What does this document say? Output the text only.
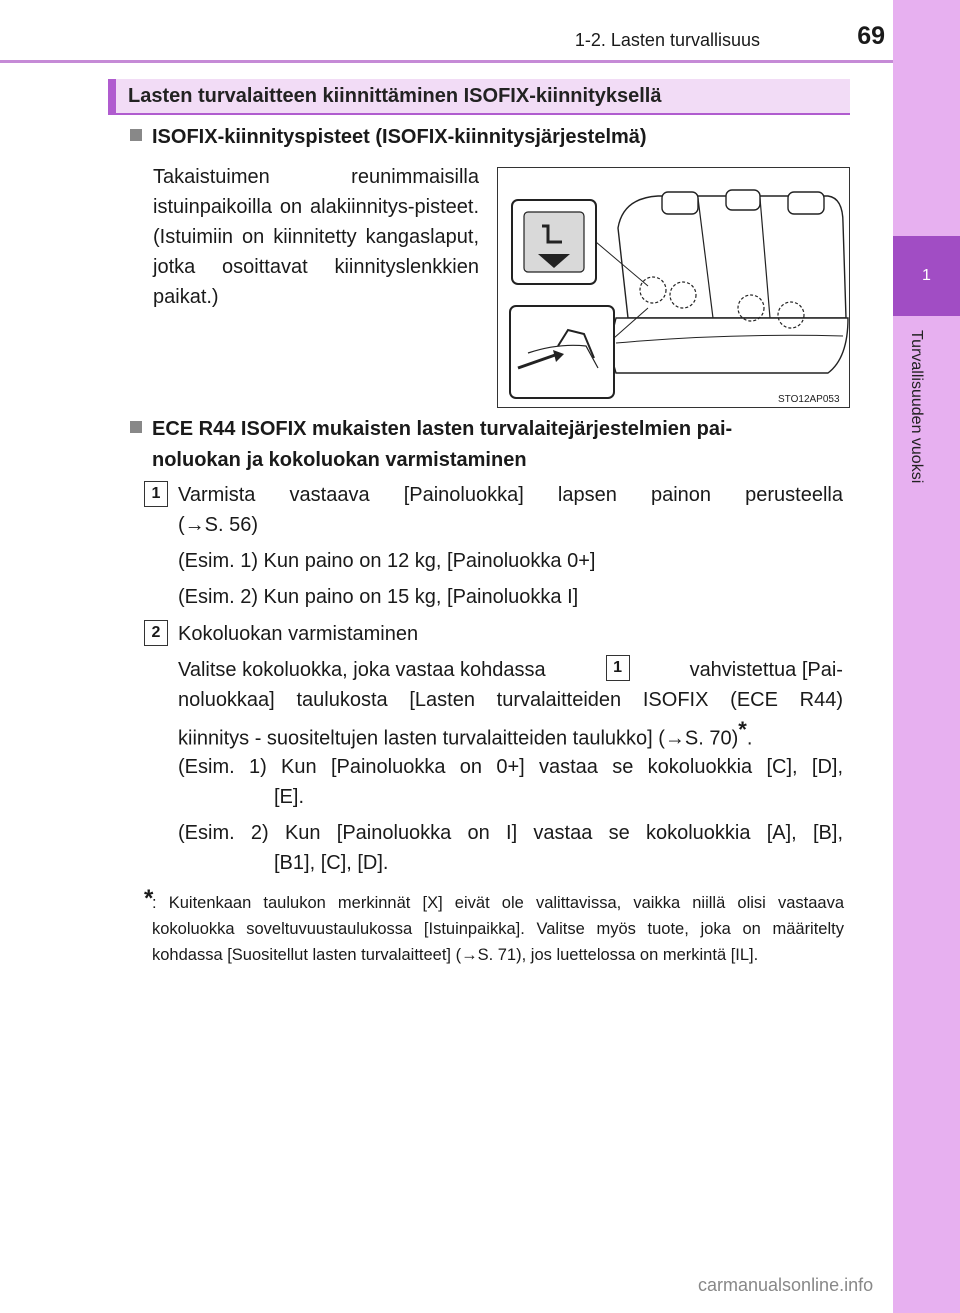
1-2. Lasten turvallisuus	69
1
Turvallisuuden vuoksi
Lasten turvalaitteen kiinnittäminen ISOFIX-kiinnityksellä
ISOFIX-kiinnityspisteet (ISOFIX-kiinnitysjärjestelmä)
Takaistuimen reunimmaisilla istuinpaikoilla on alakiinnitys-pisteet. (Istuimiin on kiinnitetty kangaslaput, jotka osoittavat kiinnityslenkkien paikat.)
STO12AP053
ECE R44 ISOFIX mukaisten lasten turvalaitejärjestelmien pai-
noluokan ja kokoluokan varmistaminen
1 Varmista vastaava [Painoluokka] lapsen painon perusteella
(→S. 56)
(Esim. 1) Kun paino on 12 kg, [Painoluokka 0+]
(Esim. 2) Kun paino on 15 kg, [Painoluokka I]
2 Kokoluokan varmistaminen
Valitse kokoluokka, joka vastaa kohdassa	1	vahvistettua [Pai-
noluokkaa] taulukosta [Lasten turvalaitteiden ISOFIX (ECE R44)
kiinnitys - suositeltujen lasten turvalaitteiden taulukko] (→S. 70)*.
(Esim. 1) Kun [Painoluokka on 0+] vastaa se kokoluokkia [C], [D],
[E].
(Esim. 2) Kun [Painoluokka on I] vastaa se kokoluokkia [A], [B],
[B1], [C], [D].
*
: Kuitenkaan taulukon merkinnät [X] eivät ole valittavissa, vaikka niillä olisi vastaava kokoluokka soveltuvuustaulukossa [Istuinpaikka]. Valitse myös tuote, joka on määritelty kohdassa [Suositellut lasten turvalaitteet] (→S. 71), jos luettelossa on merkintä [IL].
carmanualsonline.info
